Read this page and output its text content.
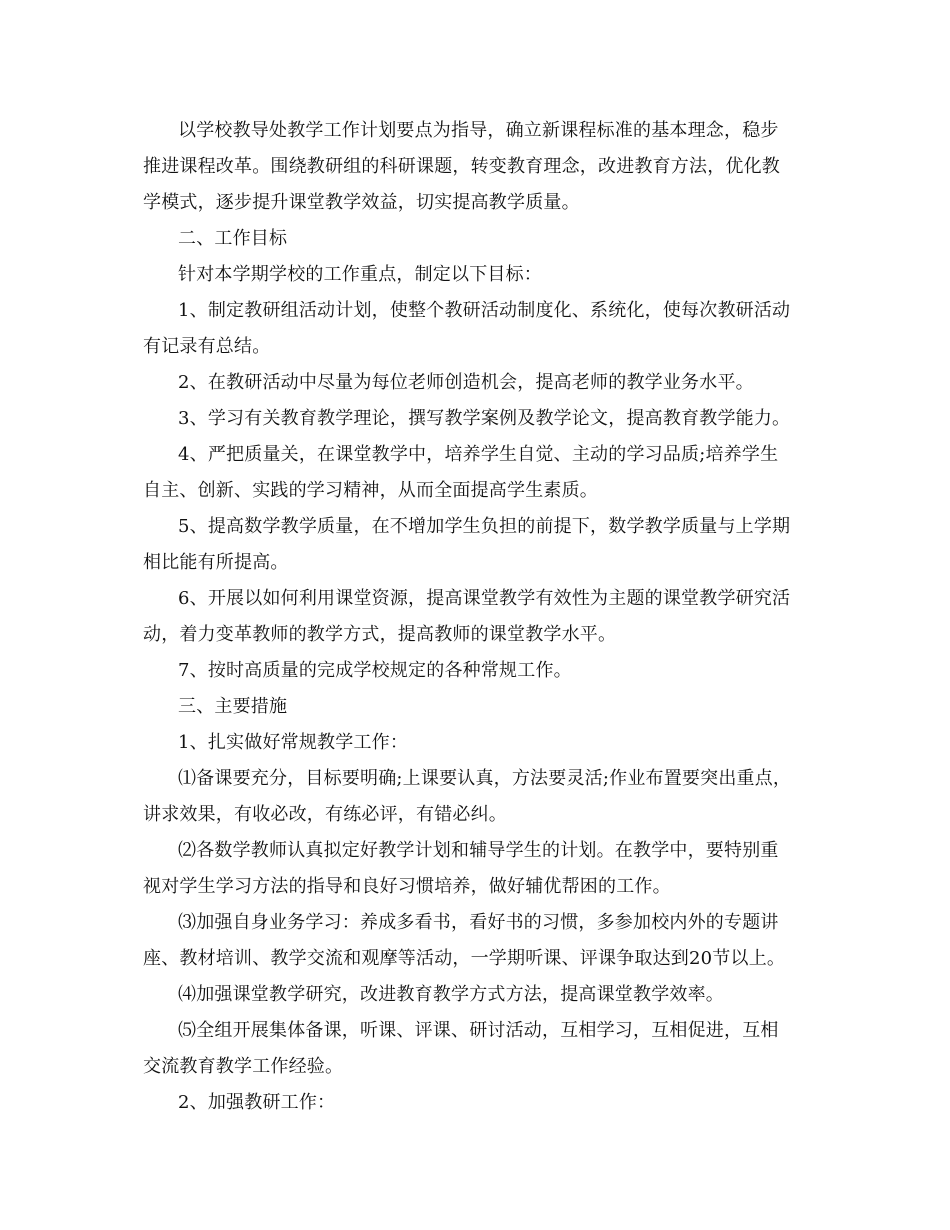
以学校教导处教学工作计划要点为指导，确立新课程标准的基本理念，稳步
推进课程改革。围绕教研组的科研课题，转变教育理念，改进教育方法，优化教
学模式，逐步提升课堂教学效益，切实提高教学质量。
二、工作目标
针对本学期学校的工作重点，制定以下目标：
1、制定教研组活动计划，使整个教研活动制度化、系统化，使每次教研活动
有记录有总结。
2、在教研活动中尽量为每位老师创造机会，提高老师的教学业务水平。
3、学习有关教育教学理论，撰写教学案例及教学论文，提高教育教学能力。
4、严把质量关，在课堂教学中，培养学生自觉、主动的学习品质;培养学生
自主、创新、实践的学习精神，从而全面提高学生素质。
5、提高数学教学质量，在不增加学生负担的前提下，数学教学质量与上学期
相比能有所提高。
6、开展以如何利用课堂资源，提高课堂教学有效性为主题的课堂教学研究活
动，着力变革教师的教学方式，提高教师的课堂教学水平。
7、按时高质量的完成学校规定的各种常规工作。
三、主要措施
1、扎实做好常规教学工作：
⑴备课要充分，目标要明确;上课要认真，方法要灵活;作业布置要突出重点，
讲求效果，有收必改，有练必评，有错必纠。
⑵各数学教师认真拟定好教学计划和辅导学生的计划。在教学中，要特别重
视对学生学习方法的指导和良好习惯培养，做好辅优帮困的工作。
⑶加强自身业务学习：养成多看书，看好书的习惯，多参加校内外的专题讲
座、教材培训、教学交流和观摩等活动，一学期听课、评课争取达到20节以上。
⑷加强课堂教学研究，改进教育教学方式方法，提高课堂教学效率。
⑸全组开展集体备课，听课、评课、研讨活动，互相学习，互相促进，互相
交流教育教学工作经验。
2、加强教研工作：
